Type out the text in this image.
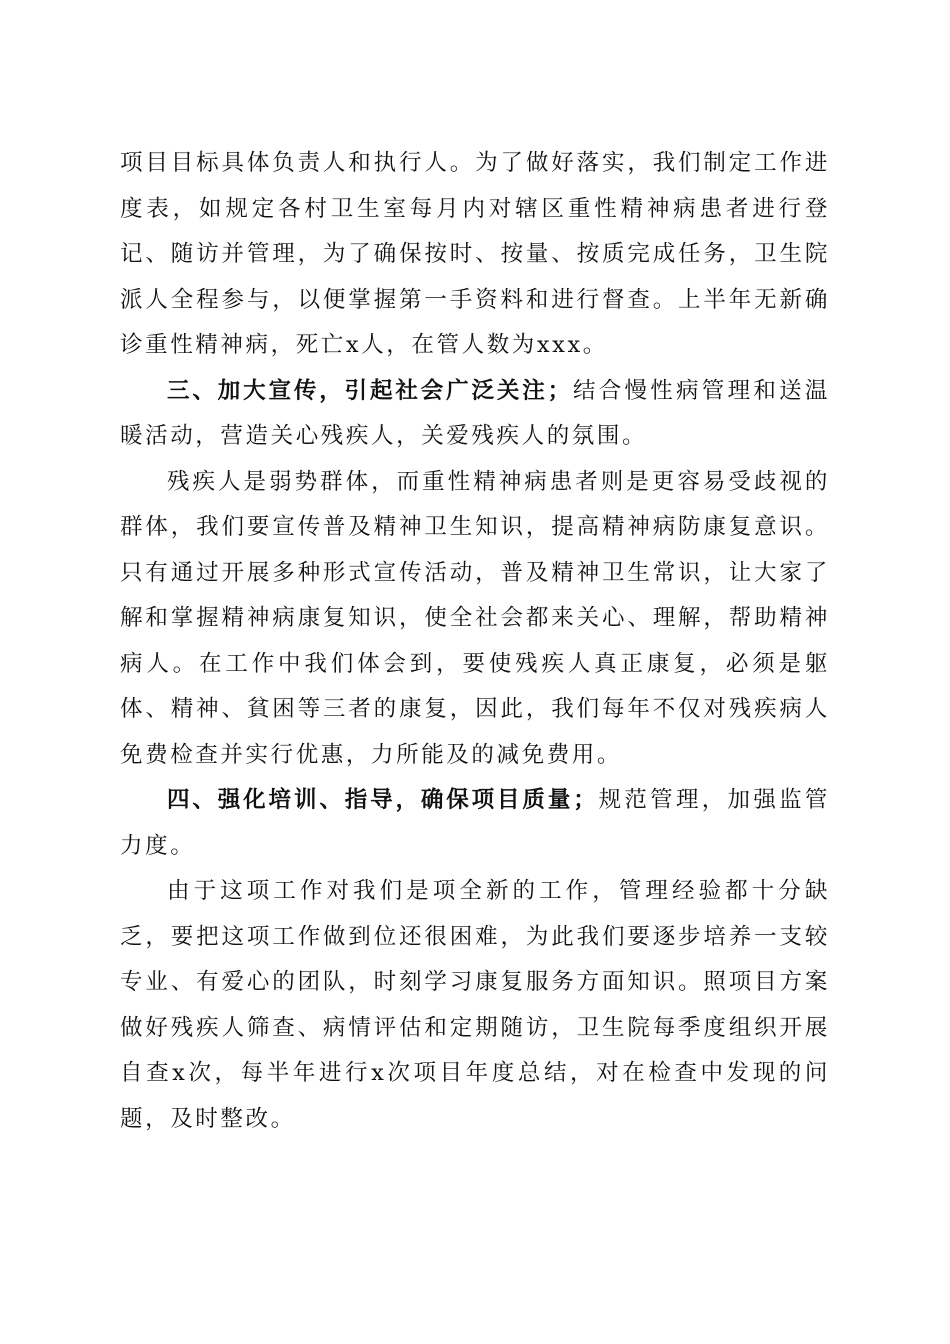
项目目标具体负责人和执行人。为了做好落实，我们制定工作进度表，如规定各村卫生室每月内对辖区重性精神病患者进行登记、随访并管理，为了确保按时、按量、按质完成任务，卫生院派人全程参与，以便掌握第一手资料和进行督查。上半年无新确诊重性精神病，死亡x人，在管人数为xxx。

三、加大宣传，引起社会广泛关注；结合慢性病管理和送温暖活动，营造关心残疾人，关爱残疾人的氛围。

残疾人是弱势群体，而重性精神病患者则是更容易受歧视的群体，我们要宣传普及精神卫生知识，提高精神病防康复意识。只有通过开展多种形式宣传活动，普及精神卫生常识，让大家了解和掌握精神病康复知识，使全社会都来关心、理解，帮助精神病人。在工作中我们体会到，要使残疾人真正康复，必须是躯体、精神、貧困等三者的康复，因此，我们每年不仅对残疾病人免费检查并实行优惠，力所能及的减免费用。

四、强化培训、指导，确保项目质量；规范管理，加强监管力度。

由于这项工作对我们是项全新的工作，管理经验都十分缺乏，要把这项工作做到位还很困难，为此我们要逐步培养一支较专业、有爱心的团队，时刻学习康复服务方面知识。照项目方案做好残疾人筛查、病情评估和定期随访，卫生院每季度组织开展自查x次，每半年进行x次项目年度总结，对在检查中发现的问题，及时整改。
